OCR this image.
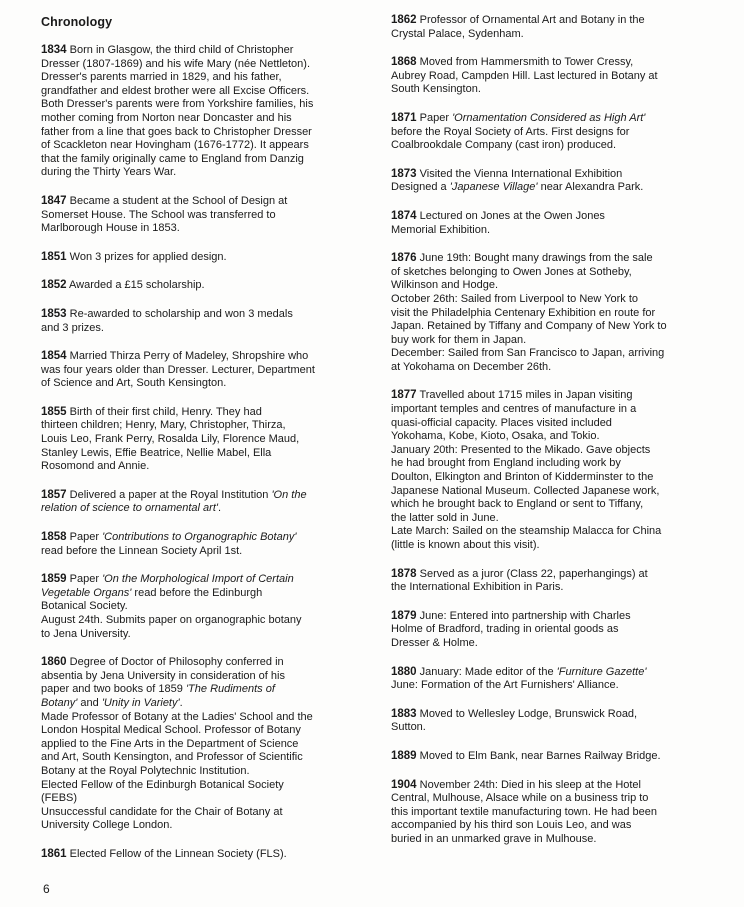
Chronology
1834 Born in Glasgow, the third child of Christopher
Dresser (1807-1869) and his wife Mary (née Nettleton).
Dresser's parents married in 1829, and his father,
grandfather and eldest brother were all Excise Officers.
Both Dresser's parents were from Yorkshire families, his
mother coming from Norton near Doncaster and his
father from a line that goes back to Christopher Dresser
of Scackleton near Hovingham (1676-1772). It appears
that the family originally came to England from Danzig
during the Thirty Years War.
1847 Became a student at the School of Design at
Somerset House. The School was transferred to
Marlborough House in 1853.
1851 Won 3 prizes for applied design.
1852 Awarded a £15 scholarship.
1853 Re-awarded to scholarship and won 3 medals
and 3 prizes.
1854 Married Thirza Perry of Madeley, Shropshire who
was four years older than Dresser. Lecturer, Department
of Science and Art, South Kensington.
1855 Birth of their first child, Henry. They had
thirteen children; Henry, Mary, Christopher, Thirza,
Louis Leo, Frank Perry, Rosalda Lily, Florence Maud,
Stanley Lewis, Effie Beatrice, Nellie Mabel, Ella
Rosomond and Annie.
1857 Delivered a paper at the Royal Institution 'On the
relation of science to ornamental art'.
1858 Paper 'Contributions to Organographic Botany'
read before the Linnean Society April 1st.
1859 Paper 'On the Morphological Import of Certain
Vegetable Organs' read before the Edinburgh
Botanical Society.
August 24th. Submits paper on organographic botany
to Jena University.
1860 Degree of Doctor of Philosophy conferred in
absentia by Jena University in consideration of his
paper and two books of 1859 'The Rudiments of
Botany' and 'Unity in Variety'.
Made Professor of Botany at the Ladies' School and the
London Hospital Medical School. Professor of Botany
applied to the Fine Arts in the Department of Science
and Art, South Kensington, and Professor of Scientific
Botany at the Royal Polytechnic Institution.
Elected Fellow of the Edinburgh Botanical Society
(FEBS)
Unsuccessful candidate for the Chair of Botany at
University College London.
1861 Elected Fellow of the Linnean Society (FLS).
1862 Professor of Ornamental Art and Botany in the
Crystal Palace, Sydenham.
1868 Moved from Hammersmith to Tower Cressy,
Aubrey Road, Campden Hill. Last lectured in Botany at
South Kensington.
1871 Paper 'Ornamentation Considered as High Art'
before the Royal Society of Arts. First designs for
Coalbrookdale Company (cast iron) produced.
1873 Visited the Vienna International Exhibition
Designed a 'Japanese Village' near Alexandra Park.
1874 Lectured on Jones at the Owen Jones
Memorial Exhibition.
1876 June 19th: Bought many drawings from the sale
of sketches belonging to Owen Jones at Sotheby,
Wilkinson and Hodge.
October 26th: Sailed from Liverpool to New York to
visit the Philadelphia Centenary Exhibition en route for
Japan. Retained by Tiffany and Company of New York to
buy work for them in Japan.
December: Sailed from San Francisco to Japan, arriving
at Yokohama on December 26th.
1877 Travelled about 1715 miles in Japan visiting
important temples and centres of manufacture in a
quasi-official capacity. Places visited included
Yokohama, Kobe, Kioto, Osaka, and Tokio.
January 20th: Presented to the Mikado. Gave objects
he had brought from England including work by
Doulton, Elkington and Brinton of Kidderminster to the
Japanese National Museum. Collected Japanese work,
which he brought back to England or sent to Tiffany,
the latter sold in June.
Late March: Sailed on the steamship Malacca for China
(little is known about this visit).
1878 Served as a juror (Class 22, paperhangings) at
the International Exhibition in Paris.
1879 June: Entered into partnership with Charles
Holme of Bradford, trading in oriental goods as
Dresser & Holme.
1880 January: Made editor of the 'Furniture Gazette'
June: Formation of the Art Furnishers' Alliance.
1883 Moved to Wellesley Lodge, Brunswick Road,
Sutton.
1889 Moved to Elm Bank, near Barnes Railway Bridge.
1904 November 24th: Died in his sleep at the Hotel
Central, Mulhouse, Alsace while on a business trip to
this important textile manufacturing town. He had been
accompanied by his third son Louis Leo, and was
buried in an unmarked grave in Mulhouse.
6
